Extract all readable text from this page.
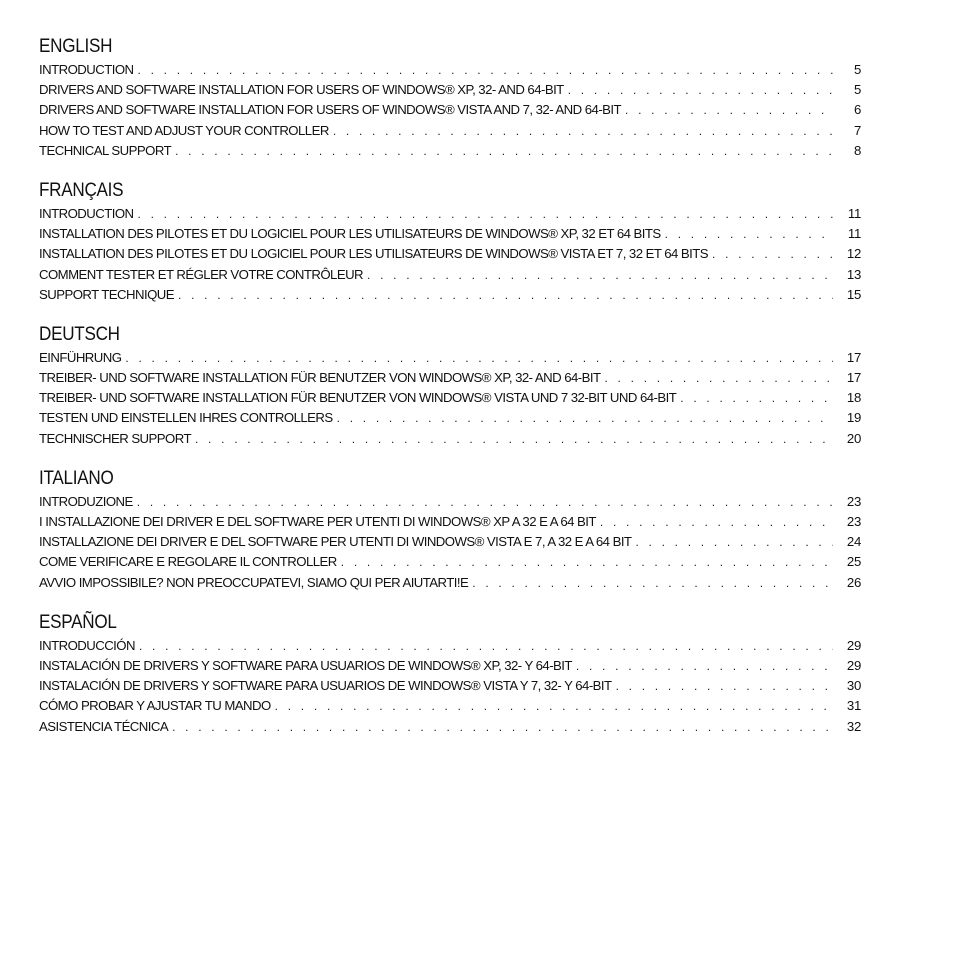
ENGLISH
INTRODUCTION . . .	5
DRIVERS AND SOFTWARE INSTALLATION FOR USERS OF WINDOWS® XP, 32- AND 64-BIT . . .	5
DRIVERS AND SOFTWARE INSTALLATION FOR USERS OF WINDOWS® VISTA AND 7, 32- AND 64-BIT . . .	6
HOW TO TEST AND ADJUST YOUR CONTROLLER . . .	7
TECHNICAL SUPPORT . . .	8
FRANÇAIS
INTRODUCTION . . .	11
INSTALLATION DES PILOTES ET DU LOGICIEL POUR LES UTILISATEURS DE WINDOWS® XP, 32 ET 64 BITS . . .	11
INSTALLATION DES PILOTES ET DU LOGICIEL POUR LES UTILISATEURS DE WINDOWS® VISTA ET 7, 32 ET 64 BITS . . .	12
COMMENT TESTER ET RÉGLER VOTRE CONTRÔLEUR . . .	13
SUPPORT TECHNIQUE . . .	15
DEUTSCH
EINFÜHRUNG . . .	17
TREIBER- UND SOFTWARE INSTALLATION FÜR BENUTZER VON WINDOWS® XP, 32- AND 64-BIT . . .	17
TREIBER- UND SOFTWARE INSTALLATION FÜR BENUTZER VON WINDOWS® VISTA UND 7 32-BIT UND 64-BIT . . .	18
TESTEN UND EINSTELLEN IHRES CONTROLLERS . . .	19
TECHNISCHER SUPPORT . . .	20
ITALIANO
INTRODUZIONE . . .	23
I INSTALLAZIONE DEI DRIVER E DEL SOFTWARE PER UTENTI DI WINDOWS® XP A 32 E A 64 BIT . . .	23
INSTALLAZIONE DEI DRIVER E DEL SOFTWARE PER UTENTI DI WINDOWS® VISTA E 7, A 32 E A 64 BIT . . .	24
COME VERIFICARE E REGOLARE IL CONTROLLER . . .	25
AVVIO IMPOSSIBILE? NON PREOCCUPATEVI, SIAMO QUI PER AIUTARTI!E . . .	26
ESPAÑOL
INTRODUCCIÓN . . .	29
INSTALACIÓN DE DRIVERS Y SOFTWARE PARA USUARIOS DE WINDOWS® XP, 32- Y 64-BIT . . .	29
INSTALACIÓN DE DRIVERS Y SOFTWARE PARA USUARIOS DE WINDOWS® VISTA Y 7, 32- Y 64-BIT . . .	30
CÓMO PROBAR Y AJUSTAR TU MANDO . . .	31
ASISTENCIA TÉCNICA . . .	32
